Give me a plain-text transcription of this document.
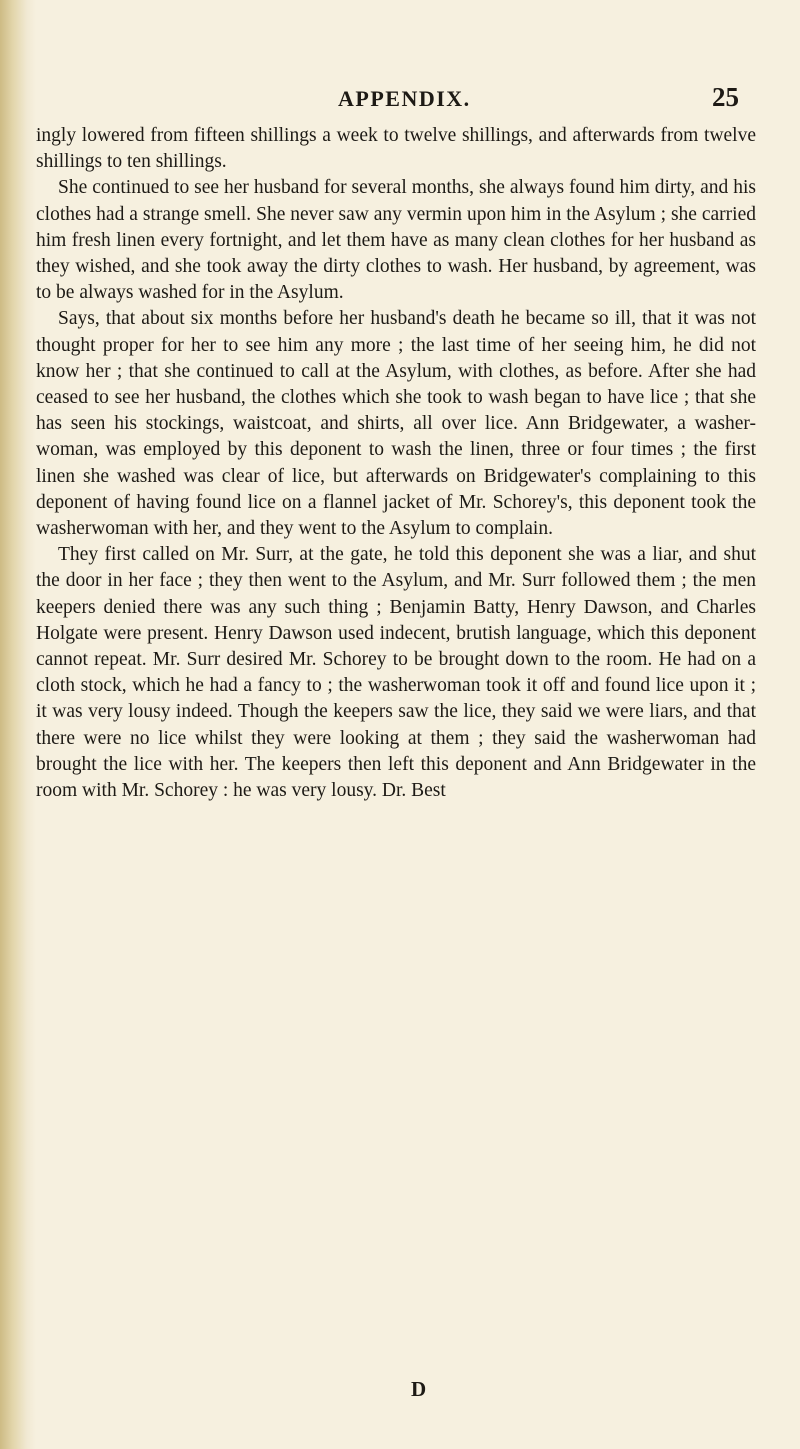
APPENDIX.	25

ingly lowered from fifteen shillings a week to twelve shillings, and afterwards from twelve shillings to ten shillings.

She continued to see her husband for several months, she always found him dirty, and his clothes had a strange smell. She never saw any vermin upon him in the Asylum ; she carried him fresh linen every fortnight, and let them have as many clean clothes for her husband as they wished, and she took away the dirty clothes to wash. Her husband, by agreement, was to be always washed for in the Asylum.

Says, that about six months before her husband's death he became so ill, that it was not thought proper for her to see him any more ; the last time of her seeing him, he did not know her ; that she continued to call at the Asylum, with clothes, as before. After she had ceased to see her husband, the clothes which she took to wash began to have lice ; that she has seen his stockings, waistcoat, and shirts, all over lice. Ann Bridgewater, a washer-woman, was employed by this deponent to wash the linen, three or four times ; the first linen she washed was clear of lice, but afterwards on Bridgewater's complaining to this deponent of having found lice on a flannel jacket of Mr. Schorey's, this deponent took the washerwoman with her, and they went to the Asylum to complain.

They first called on Mr. Surr, at the gate, he told this deponent she was a liar, and shut the door in her face ; they then went to the Asylum, and Mr. Surr followed them ; the men keepers denied there was any such thing ; Benjamin Batty, Henry Dawson, and Charles Holgate were present. Henry Dawson used indecent, brutish language, which this deponent cannot repeat. Mr. Surr desired Mr. Schorey to be brought down to the room. He had on a cloth stock, which he had a fancy to ; the washerwoman took it off and found lice upon it ; it was very lousy indeed. Though the keepers saw the lice, they said we were liars, and that there were no lice whilst they were looking at them ; they said the washerwoman had brought the lice with her. The keepers then left this deponent and Ann Bridgewater in the room with Mr. Schorey : he was very lousy. Dr. Best

D
